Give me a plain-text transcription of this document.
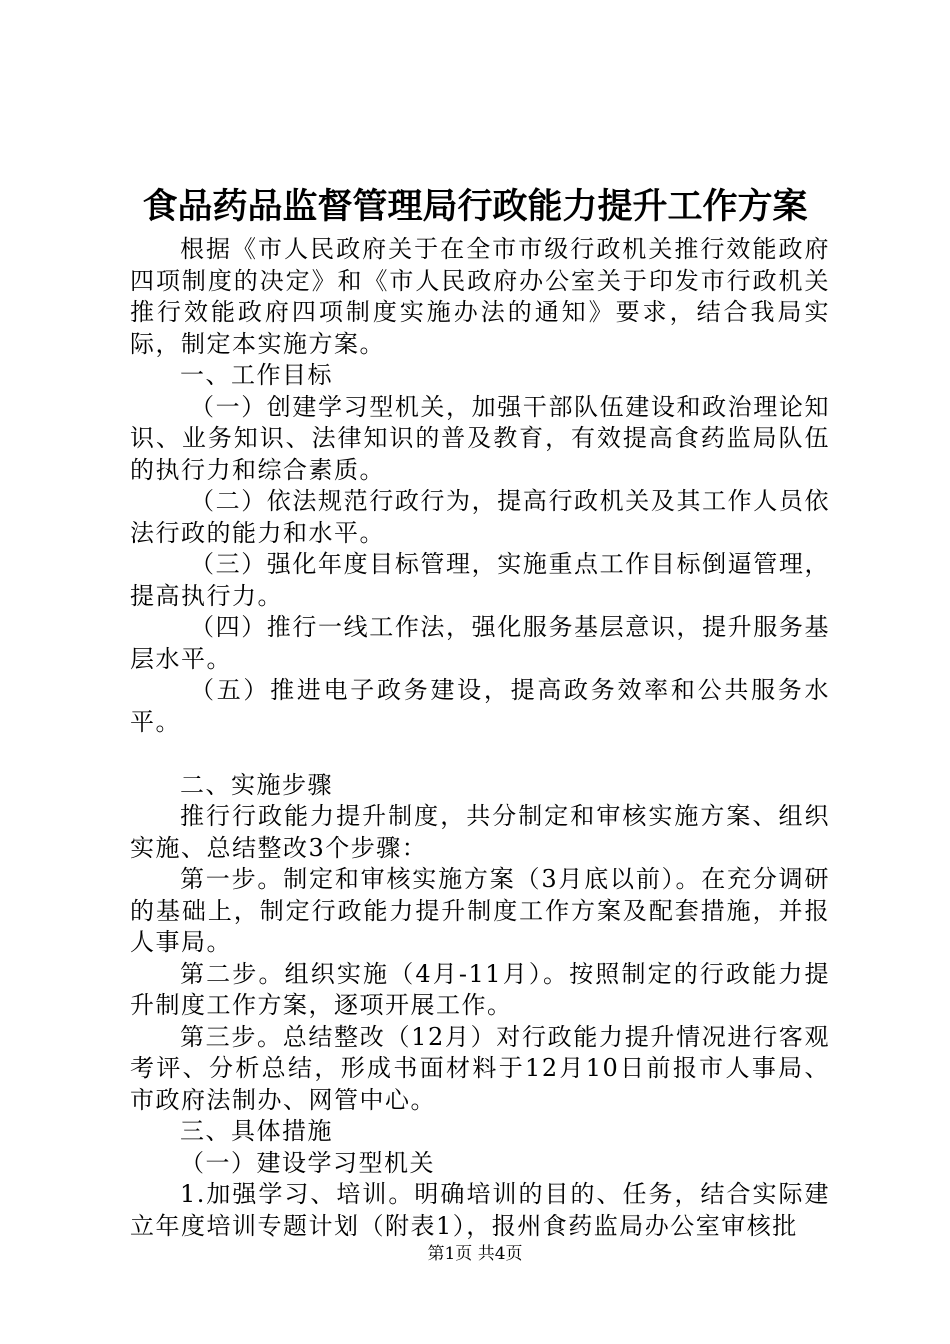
食品药品监督管理局行政能力提升工作方案

根据《市人民政府关于在全市市级行政机关推行效能政府四项制度的决定》和《市人民政府办公室关于印发市行政机关推行效能政府四项制度实施办法的通知》要求，结合我局实际，制定本实施方案。

一、工作目标

（一）创建学习型机关，加强干部队伍建设和政治理论知识、业务知识、法律知识的普及教育，有效提高食药监局队伍的执行力和综合素质。

（二）依法规范行政行为，提高行政机关及其工作人员依法行政的能力和水平。

（三）强化年度目标管理，实施重点工作目标倒逼管理，提高执行力。

（四）推行一线工作法，强化服务基层意识，提升服务基层水平。

（五）推进电子政务建设，提高政务效率和公共服务水平。

二、实施步骤

推行行政能力提升制度，共分制定和审核实施方案、组织实施、总结整改3个步骤：

第一步。制定和审核实施方案（3月底以前）。在充分调研的基础上，制定行政能力提升制度工作方案及配套措施，并报人事局。

第二步。组织实施（4月-11月）。按照制定的行政能力提升制度工作方案，逐项开展工作。

第三步。总结整改（12月）对行政能力提升情况进行客观考评、分析总结，形成书面材料于12月10日前报市人事局、市政府法制办、网管中心。

三、具体措施

（一）建设学习型机关

1.加强学习、培训。明确培训的目的、任务，结合实际建立年度培训专题计划（附表1），报州食药监局办公室审核批

第1页 共4页
